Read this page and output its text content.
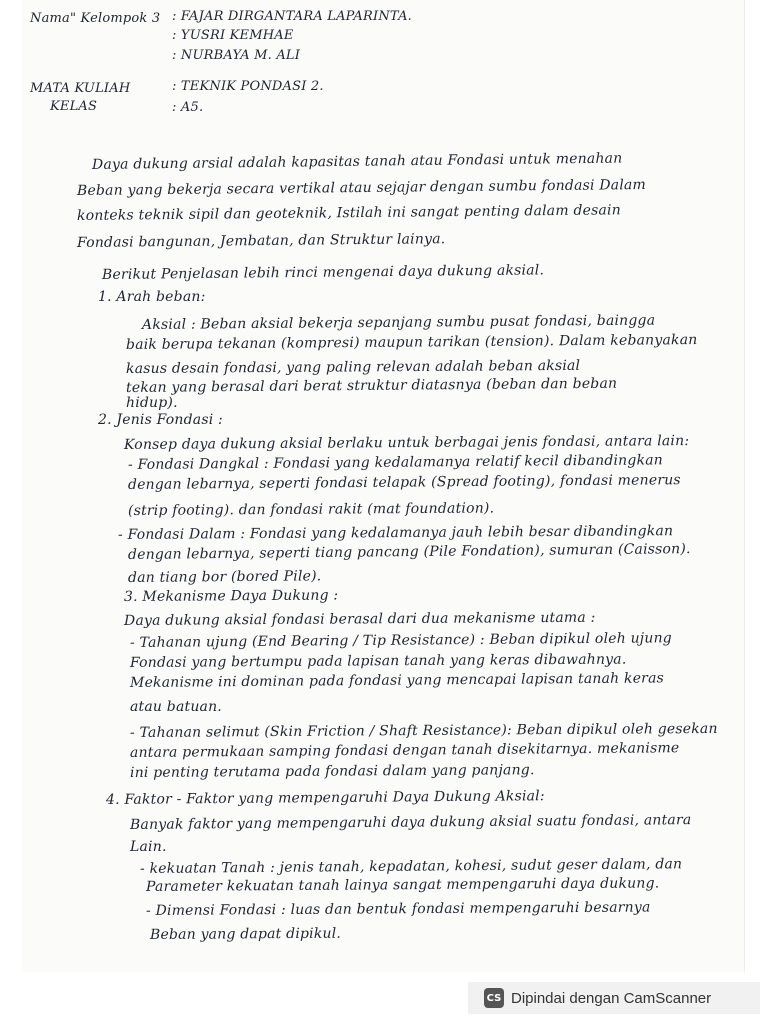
Nama" Kelompok 3 : FAJAR DIRGANTARA LAPARINTA.
: YUSRI KEMHAE
: NURBAYA M. ALI
MATA KULIAH	: TEKNIK PONDASI 2.
KELAS	: A5.
Daya dukung arsial adalah kapasitas tanah atau Fondasi untuk menahan
Beban yang bekerja secara vertikal atau sejajar dengan sumbu fondasi Dalam
konteks teknik sipil dan geoteknik, Istilah ini sangat penting dalam desain
Fondasi bangunan, Jembatan, dan Struktur lainya.
Berikut Penjelasan lebih rinci mengenai daya dukung aksial.
1. Arah beban:
Aksial : Beban aksial bekerja sepanjang sumbu pusat fondasi, baingga
baik berupa tekanan (kompresi) maupun tarikan (tension). Dalam kebanyakan
kasus desain fondasi, yang paling relevan adalah beban aksial
tekan yang berasal dari berat struktur diatasnya (beban dan beban
hidup).
2. Jenis Fondasi :
Konsep daya dukung aksial berlaku untuk berbagai jenis fondasi, antara lain:
- Fondasi Dangkal : Fondasi yang kedalamanya relatif kecil dibandingkan
dengan lebarnya, seperti fondasi telapak (Spread footing), fondasi menerus
(strip footing). dan fondasi rakit (mat foundation).
- Fondasi Dalam : Fondasi yang kedalamanya jauh lebih besar dibandingkan
dengan lebarnya, seperti tiang pancang (Pile Fondation), sumuran (Caisson).
dan tiang bor (bored Pile).
3. Mekanisme Daya Dukung :
Daya dukung aksial fondasi berasal dari dua mekanisme utama :
- Tahanan ujung (End Bearing / Tip Resistance) : Beban dipikul oleh ujung
Fondasi yang bertumpu pada lapisan tanah yang keras dibawahnya.
Mekanisme ini dominan pada fondasi yang mencapai lapisan tanah keras
atau batuan.
- Tahanan selimut (Skin Friction / Shaft Resistance): Beban dipikul oleh gesekan
antara permukaan samping fondasi dengan tanah disekitarnya. mekanisme
ini penting terutama pada fondasi dalam yang panjang.
4. Faktor - Faktor yang mempengaruhi Daya Dukung Aksial:
Banyak faktor yang mempengaruhi daya dukung aksial suatu fondasi, antara
Lain.
- kekuatan Tanah : jenis tanah, kepadatan, kohesi, sudut geser dalam, dan
Parameter kekuatan tanah lainya sangat mempengaruhi daya dukung.
- Dimensi Fondasi : luas dan bentuk fondasi mempengaruhi besarnya
Beban yang dapat dipikul.
CS Dipindai dengan CamScanner
